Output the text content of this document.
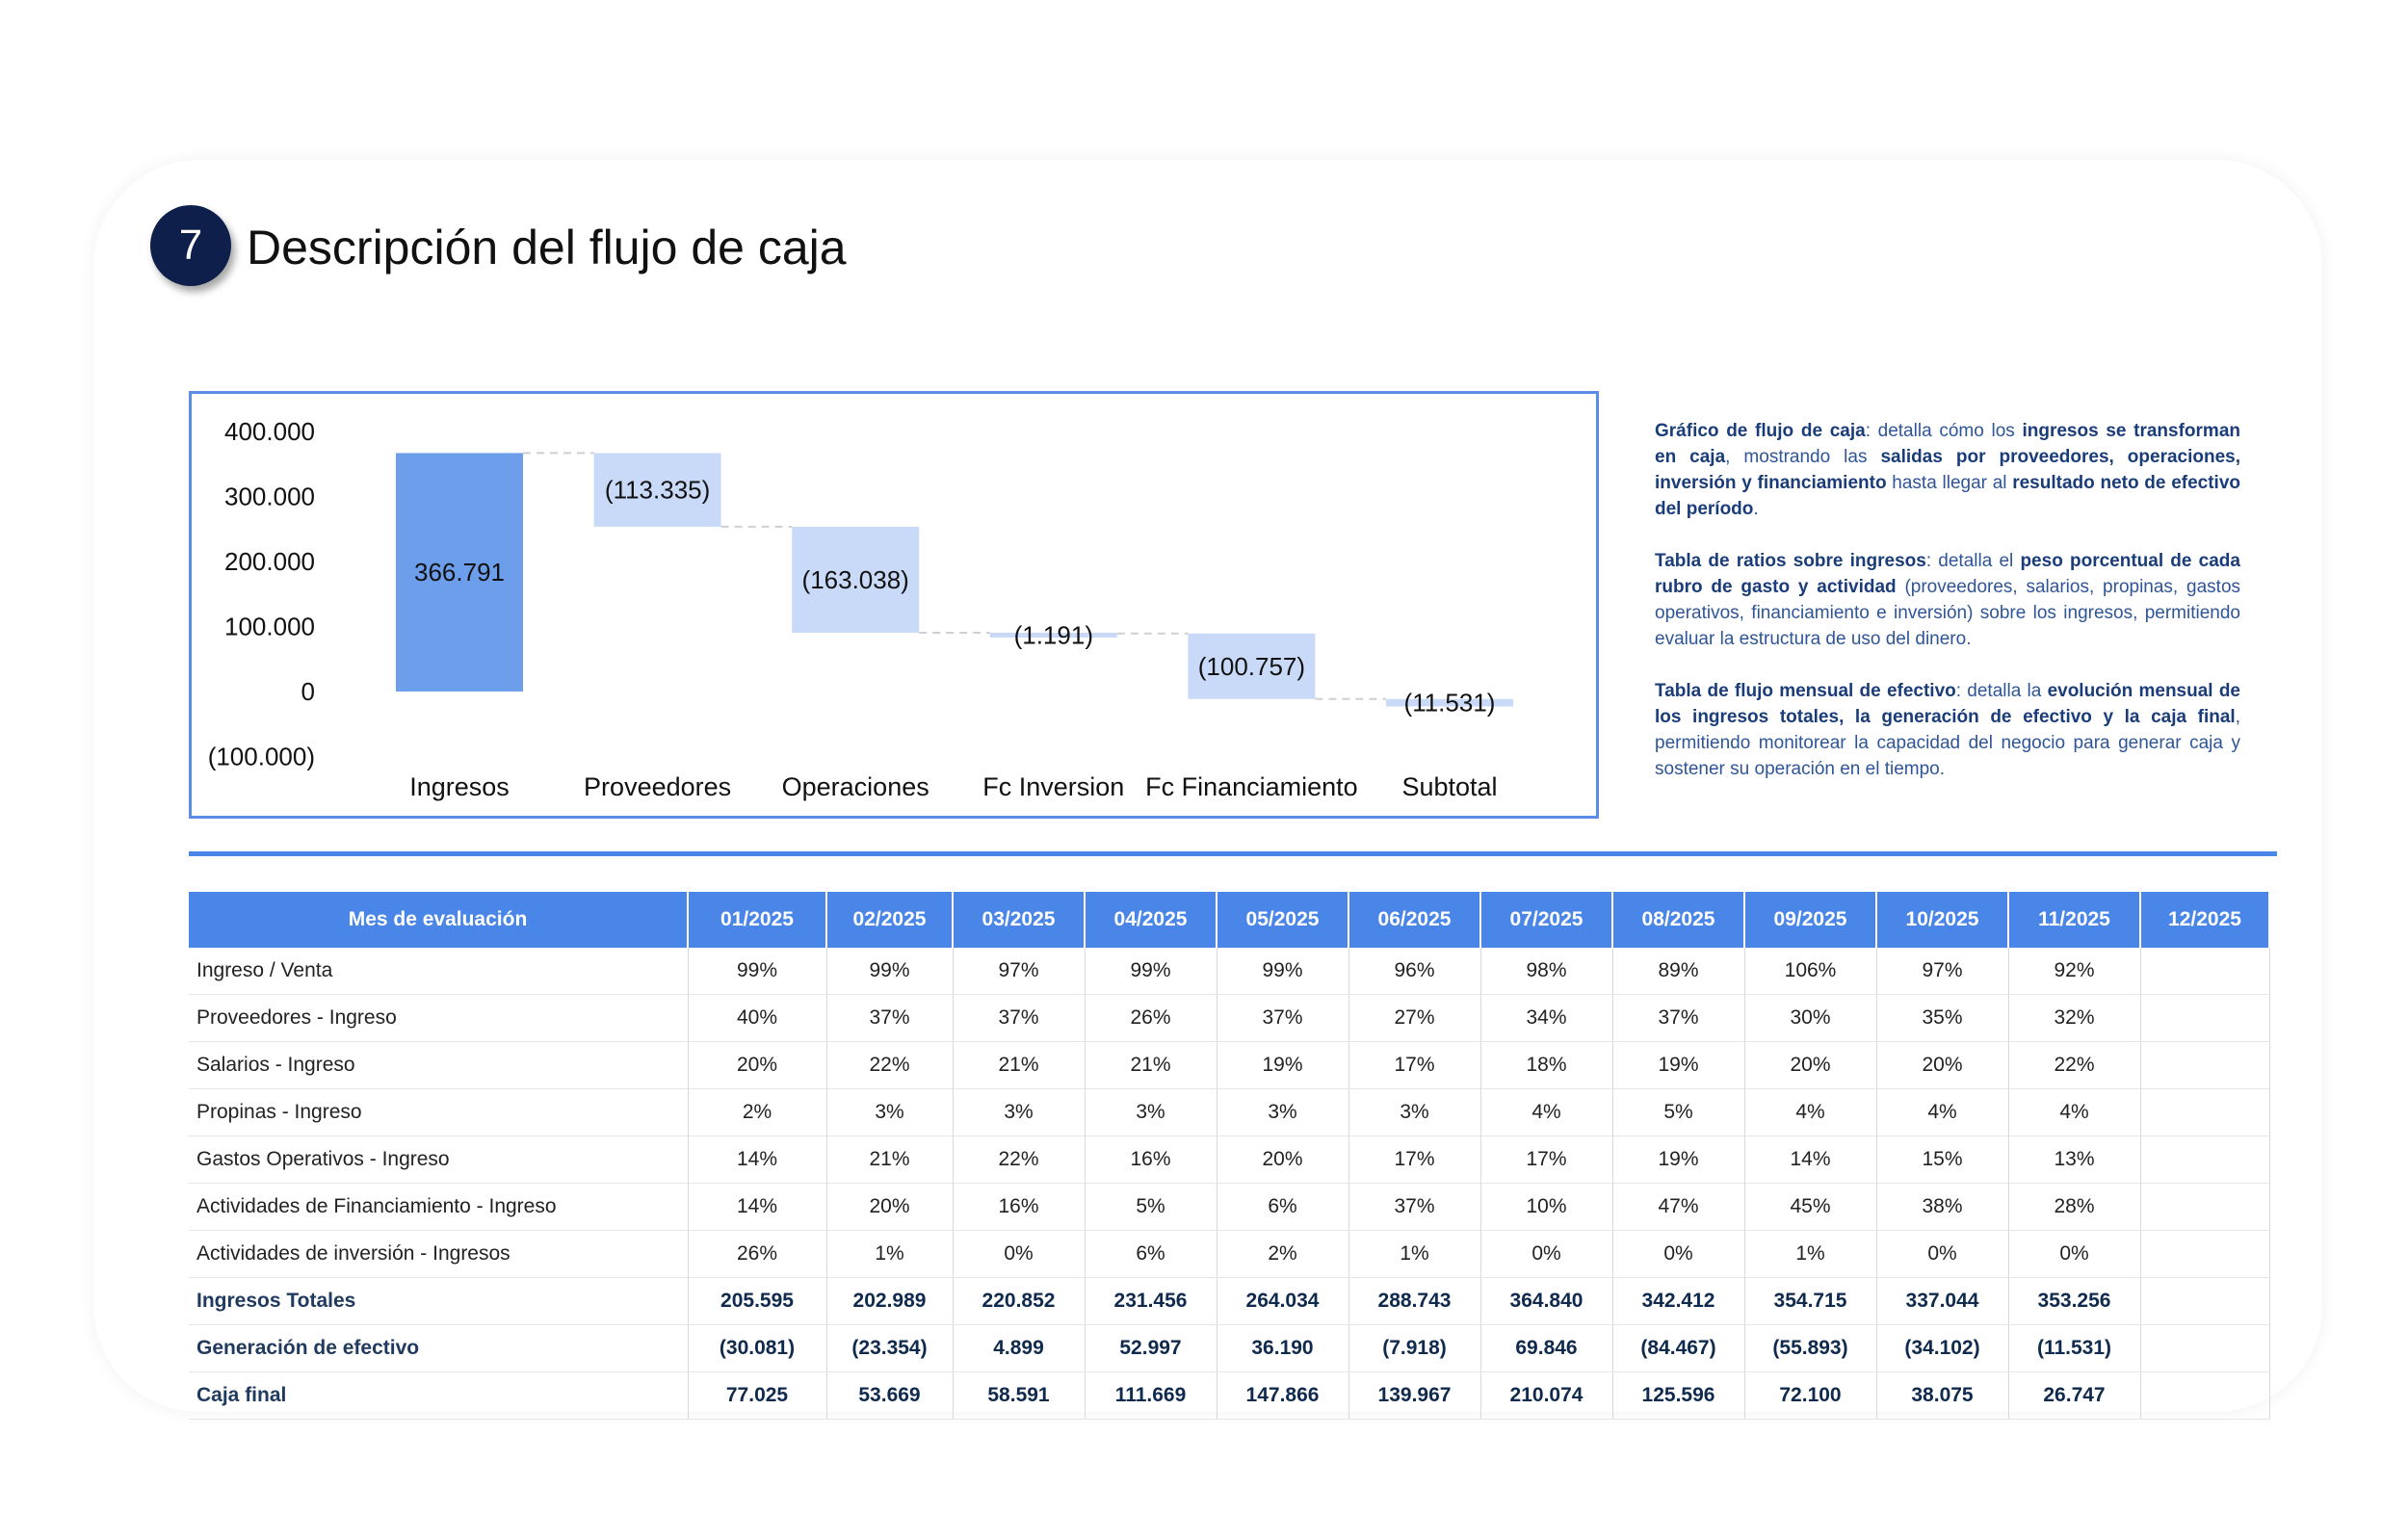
7 Descripción del flujo de caja
400.000
300.000
200.000
100.000
0
(100.000)
366.791
Ingresos
(113.335)
Proveedores
(163.038)
Operaciones
(1.191)
Fc Inversion
(100.757)
Fc Financiamiento
(11.531)
Subtotal

Gráfico de flujo de caja: detalla cómo los ingresos se transforman en caja, mostrando las salidas por proveedores, operaciones, inversión y financiamiento hasta llegar al resultado neto de efectivo del período.

Tabla de ratios sobre ingresos: detalla el peso porcentual de cada rubro de gasto y actividad (proveedores, salarios, propinas, gastos operativos, financiamiento e inversión) sobre los ingresos, permitiendo evaluar la estructura de uso del dinero.

Tabla de flujo mensual de efectivo: detalla la evolución mensual de los ingresos totales, la generación de efectivo y la caja final, permitiendo monitorear la capacidad del negocio para generar caja y sostener su operación en el tiempo.

Mes de evaluación	01/2025	02/2025	03/2025	04/2025	05/2025	06/2025	07/2025	08/2025	09/2025	10/2025	11/2025	12/2025
Ingreso / Venta	99%	99%	97%	99%	99%	96%	98%	89%	106%	97%	92%	
Proveedores - Ingreso	40%	37%	37%	26%	37%	27%	34%	37%	30%	35%	32%	
Salarios - Ingreso	20%	22%	21%	21%	19%	17%	18%	19%	20%	20%	22%	
Propinas - Ingreso	2%	3%	3%	3%	3%	3%	4%	5%	4%	4%	4%	
Gastos Operativos - Ingreso	14%	21%	22%	16%	20%	17%	17%	19%	14%	15%	13%	
Actividades de Financiamiento - Ingreso	14%	20%	16%	5%	6%	37%	10%	47%	45%	38%	28%	
Actividades de inversión - Ingresos	26%	1%	0%	6%	2%	1%	0%	0%	1%	0%	0%	
Ingresos Totales	205.595	202.989	220.852	231.456	264.034	288.743	364.840	342.412	354.715	337.044	353.256	
Generación de efectivo	(30.081)	(23.354)	4.899	52.997	36.190	(7.918)	69.846	(84.467)	(55.893)	(34.102)	(11.531)	
Caja final	77.025	53.669	58.591	111.669	147.866	139.967	210.074	125.596	72.100	38.075	26.747	
